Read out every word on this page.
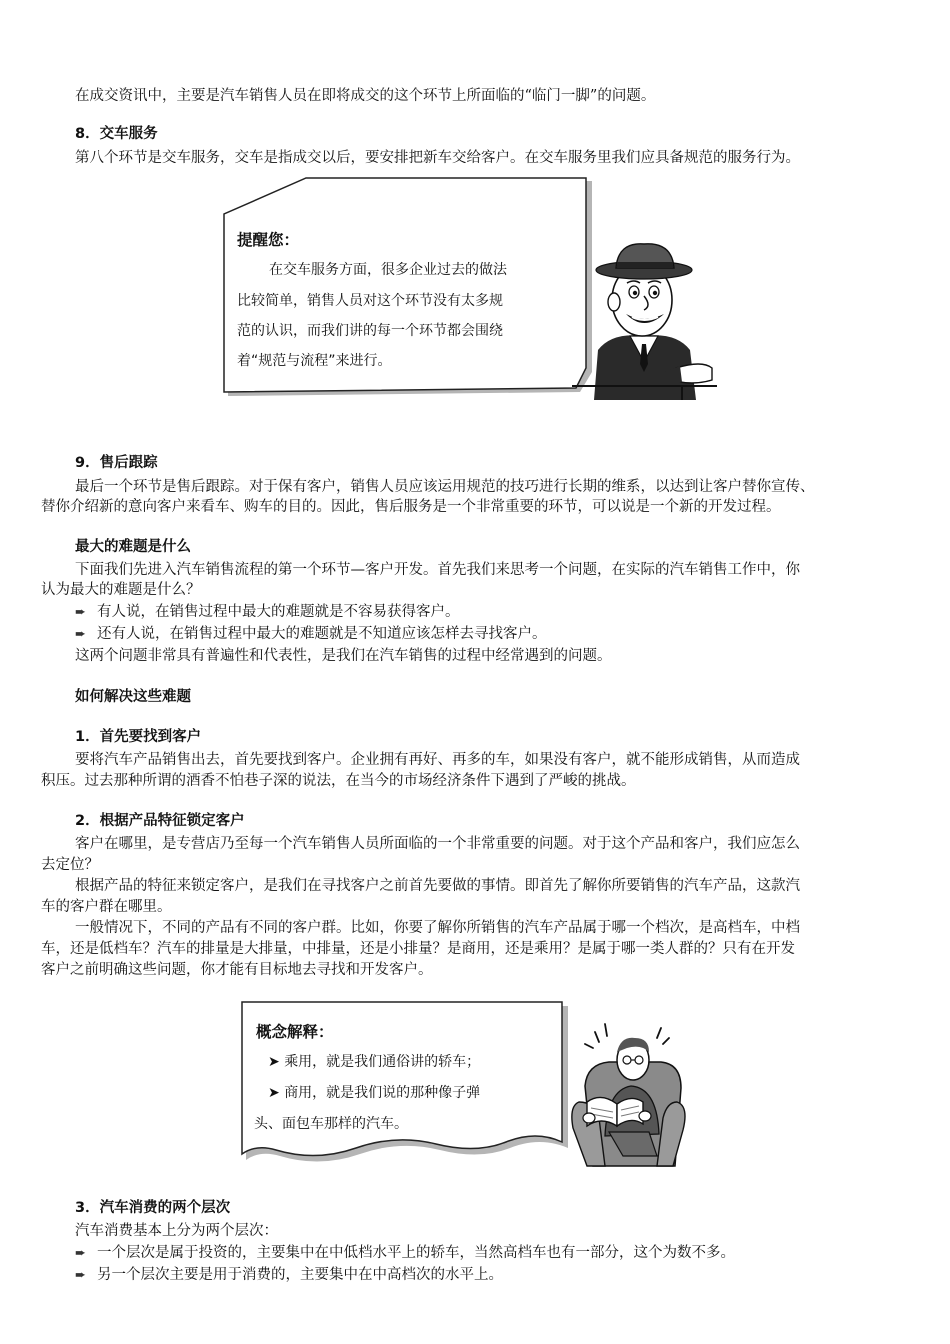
在成交资讯中，主要是汽车销售人员在即将成交的这个环节上所面临的“临门一脚”的问题。
8．交车服务
第八个环节是交车服务，交车是指成交以后，要安排把新车交给客户。在交车服务里我们应具备规范的服务行为。
提醒您：
在交车服务方面，很多企业过去的做法
比较简单，销售人员对这个环节没有太多规
范的认识，而我们讲的每一个环节都会围绕
着“规范与流程”来进行。
9．售后跟踪
最后一个环节是售后跟踪。对于保有客户，销售人员应该运用规范的技巧进行长期的维系，以达到让客户替你宣传、
替你介绍新的意向客户来看车、购车的目的。因此，售后服务是一个非常重要的环节，可以说是一个新的开发过程。
最大的难题是什么
下面我们先进入汽车销售流程的第一个环节—客户开发。首先我们来思考一个问题，在实际的汽车销售工作中，你
认为最大的难题是什么？
➨ 有人说，在销售过程中最大的难题就是不容易获得客户。
➨ 还有人说，在销售过程中最大的难题就是不知道应该怎样去寻找客户。
这两个问题非常具有普遍性和代表性，是我们在汽车销售的过程中经常遇到的问题。
如何解决这些难题
1．首先要找到客户
要将汽车产品销售出去，首先要找到客户。企业拥有再好、再多的车，如果没有客户，就不能形成销售，从而造成
积压。过去那种所谓的酒香不怕巷子深的说法，在当今的市场经济条件下遇到了严峻的挑战。
2．根据产品特征锁定客户
客户在哪里，是专营店乃至每一个汽车销售人员所面临的一个非常重要的问题。对于这个产品和客户，我们应怎么
去定位？
根据产品的特征来锁定客户，是我们在寻找客户之前首先要做的事情。即首先了解你所要销售的汽车产品，这款汽
车的客户群在哪里。
一般情况下，不同的产品有不同的客户群。比如，你要了解你所销售的汽车产品属于哪一个档次，是高档车，中档
车，还是低档车？汽车的排量是大排量，中排量，还是小排量？是商用，还是乘用？是属于哪一类人群的？只有在开发
客户之前明确这些问题，你才能有目标地去寻找和开发客户。
概念解释：
➤ 乘用，就是我们通俗讲的轿车；
➤ 商用，就是我们说的那种像子弹
头、面包车那样的汽车。
3．汽车消费的两个层次
汽车消费基本上分为两个层次：
➨ 一个层次是属于投资的，主要集中在中低档水平上的轿车，当然高档车也有一部分，这个为数不多。
➨ 另一个层次主要是用于消费的，主要集中在中高档次的水平上。
